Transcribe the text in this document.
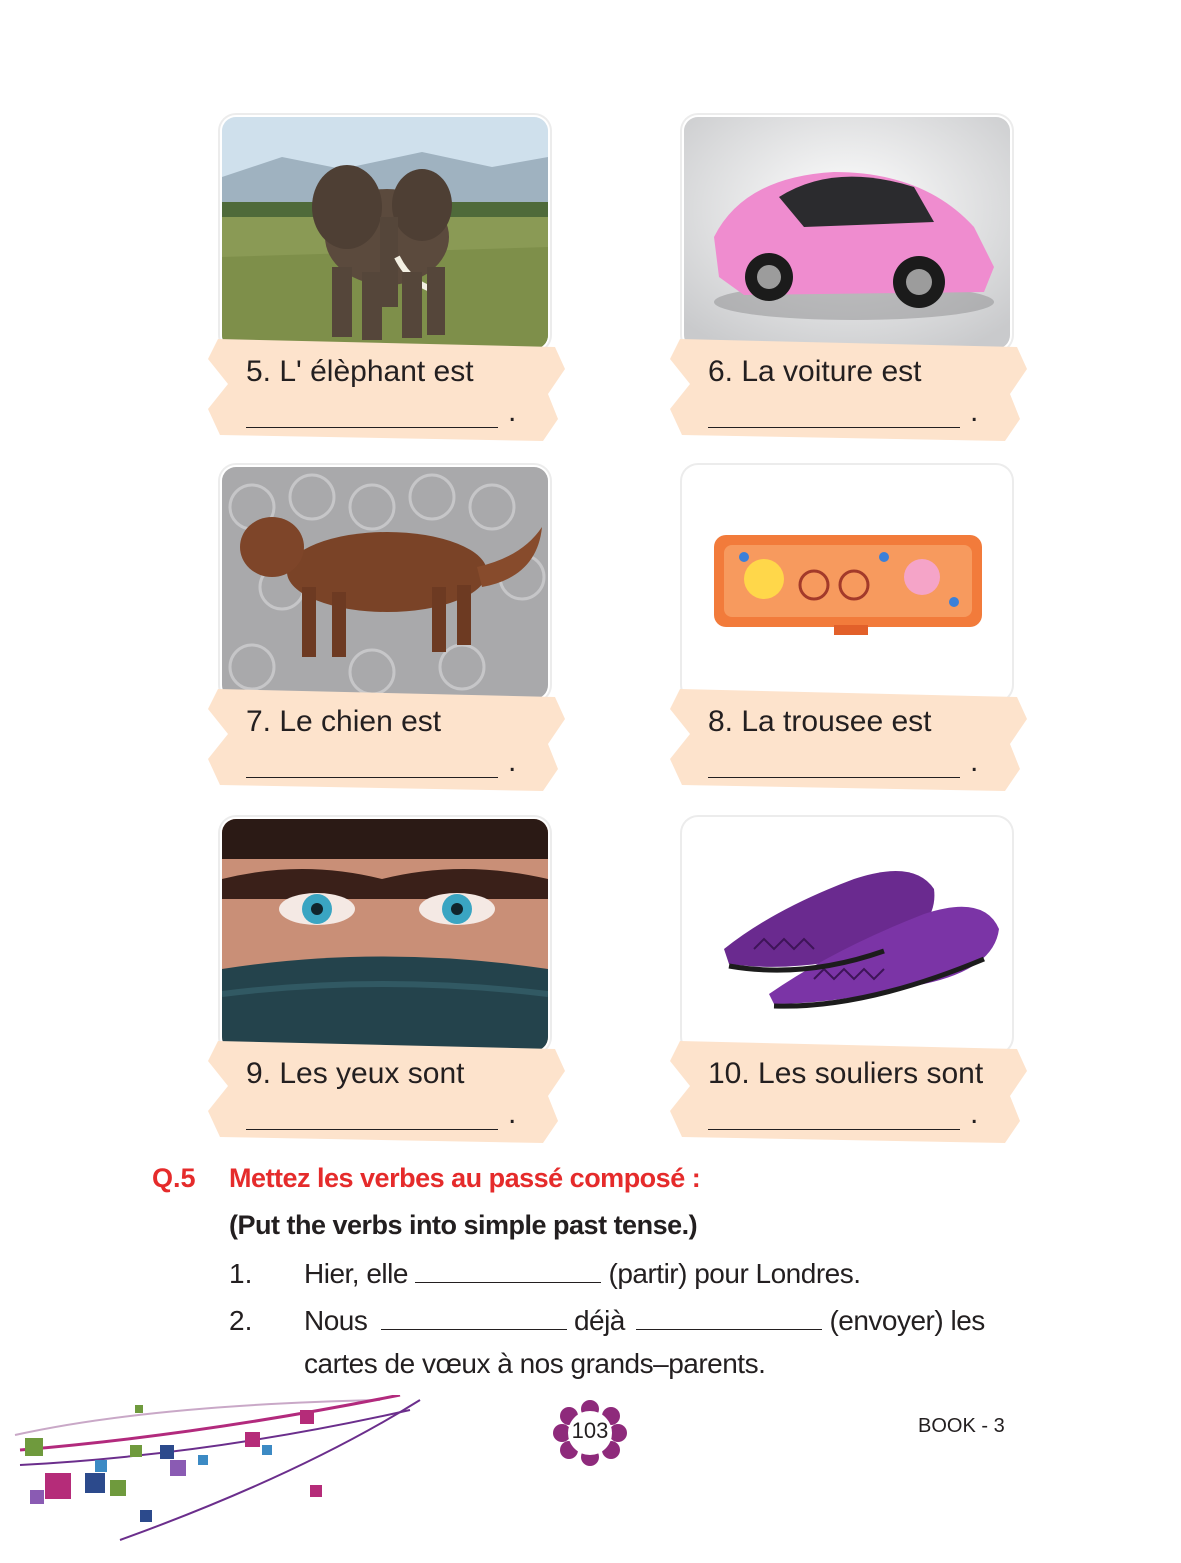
5. L' élèphant est
.
6. La voiture est
.
7. Le chien est
.
8. La trousee est
.
9. Les yeux sont
.
10. Les souliers sont
.
Q.5 Mettez les verbes au passé composé :
(Put the verbs into simple past tense.)
1. Hier, elle	(partir) pour Londres.
2. Nous	déjà	(envoyer) les
cartes de vœux à nos grands–parents.
103	BOOK - 3
